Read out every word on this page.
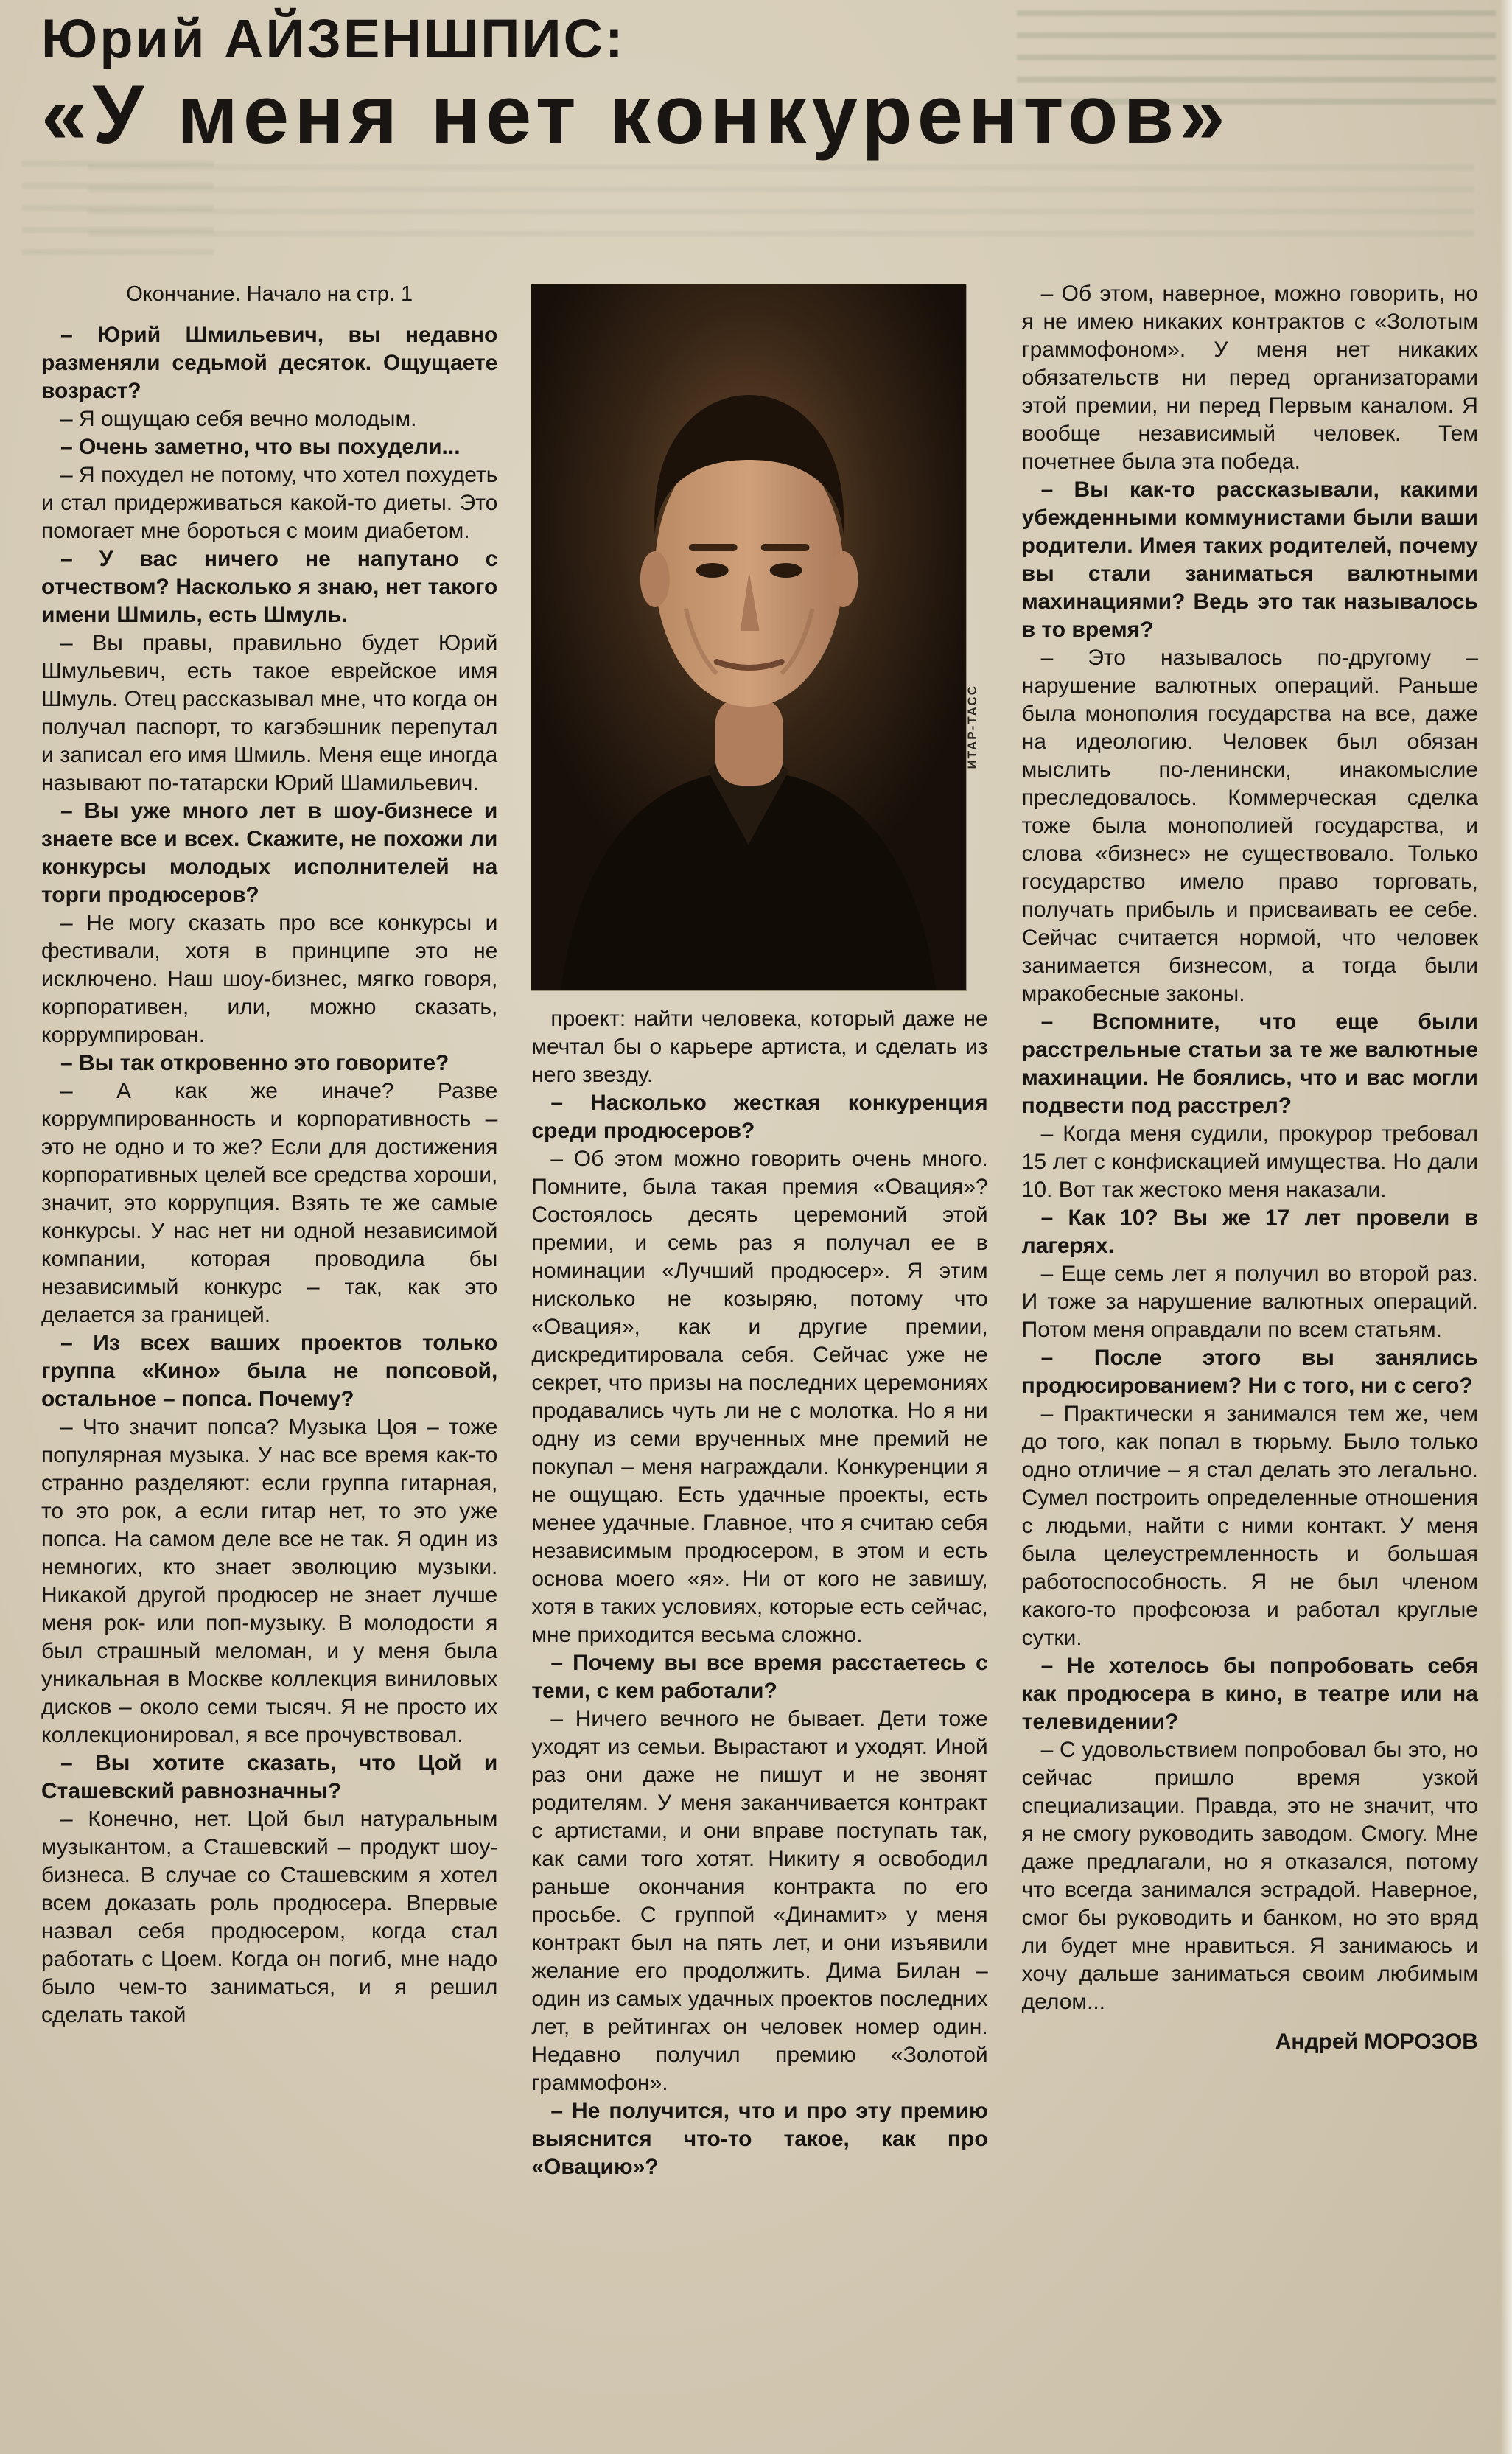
Юрий АЙЗЕНШПИС:
«У меня нет конкурентов»

Окончание. Начало на стр. 1

– Юрий Шмильевич, вы недавно разменяли седьмой десяток. Ощущаете возраст?

– Я ощущаю себя вечно молодым.

– Очень заметно, что вы похудели...

– Я похудел не потому, что хотел похудеть и стал придерживаться какой-то диеты. Это помогает мне бороться с моим диабетом.

– У вас ничего не напутано с отчеством? Насколько я знаю, нет такого имени Шмиль, есть Шмуль.

– Вы правы, правильно будет Юрий Шмульевич, есть такое еврейское имя Шмуль. Отец рассказывал мне, что когда он получал паспорт, то кагэбэшник перепутал и записал его имя Шмиль. Меня еще иногда называют по-татарски Юрий Шамильевич.

– Вы уже много лет в шоу-бизнесе и знаете все и всех. Скажите, не похожи ли конкурсы молодых исполнителей на торги продюсеров?

– Не могу сказать про все конкурсы и фестивали, хотя в принципе это не исключено. Наш шоу-бизнес, мягко говоря, корпоративен, или, можно сказать, коррумпирован.

– Вы так откровенно это говорите?

– А как же иначе? Разве коррумпированность и корпоративность – это не одно и то же? Если для достижения корпоративных целей все средства хороши, значит, это коррупция. Взять те же самые конкурсы. У нас нет ни одной независимой компании, которая проводила бы независимый конкурс – так, как это делается за границей.

– Из всех ваших проектов только группа «Кино» была не попсовой, остальное – попса. Почему?

– Что значит попса? Музыка Цоя – тоже популярная музыка. У нас все время как-то странно разделяют: если группа гитарная, то это рок, а если гитар нет, то это уже попса. На самом деле все не так. Я один из немногих, кто знает эволюцию музыки. Никакой другой продюсер не знает лучше меня рок- или поп-музыку. В молодости я был страшный меломан, и у меня была уникальная в Москве коллекция виниловых дисков – около семи тысяч. Я не просто их коллекционировал, я все прочувствовал.

– Вы хотите сказать, что Цой и Сташевский равнозначны?

– Конечно, нет. Цой был натуральным музыкантом, а Сташевский – продукт шоу-бизнеса. В случае со Сташевским я хотел всем доказать роль продюсера. Впервые назвал себя продюсером, когда стал работать с Цоем. Когда он погиб, мне надо было чем-то заниматься, и я решил сделать такой

ИТАР-ТАСС

проект: найти человека, который даже не мечтал бы о карьере артиста, и сделать из него звезду.

– Насколько жесткая конкуренция среди продюсеров?

– Об этом можно говорить очень много. Помните, была такая премия «Овация»? Состоялось десять церемоний этой премии, и семь раз я получал ее в номинации «Лучший продюсер». Я этим нисколько не козыряю, потому что «Овация», как и другие премии, дискредитировала себя. Сейчас уже не секрет, что призы на последних церемониях продавались чуть ли не с молотка. Но я ни одну из семи врученных мне премий не покупал – меня награждали. Конкуренции я не ощущаю. Есть удачные проекты, есть менее удачные. Главное, что я считаю себя независимым продюсером, в этом и есть основа моего «я». Ни от кого не завишу, хотя в таких условиях, которые есть сейчас, мне приходится весьма сложно.

– Почему вы все время расстаетесь с теми, с кем работали?

– Ничего вечного не бывает. Дети тоже уходят из семьи. Вырастают и уходят. Иной раз они даже не пишут и не звонят родителям. У меня заканчивается контракт с артистами, и они вправе поступать так, как сами того хотят. Никиту я освободил раньше окончания контракта по его просьбе. С группой «Динамит» у меня контракт был на пять лет, и они изъявили желание его продолжить. Дима Билан – один из самых удачных проектов последних лет, в рейтингах он человек номер один. Недавно получил премию «Золотой граммофон».

– Не получится, что и про эту премию выяснится что-то такое, как про «Овацию»?

– Об этом, наверное, можно говорить, но я не имею никаких контрактов с «Золотым граммофоном». У меня нет никаких обязательств ни перед организаторами этой премии, ни перед Первым каналом. Я вообще независимый человек. Тем почетнее была эта победа.

– Вы как-то рассказывали, какими убежденными коммунистами были ваши родители. Имея таких родителей, почему вы стали заниматься валютными махинациями? Ведь это так называлось в то время?

– Это называлось по-другому – нарушение валютных операций. Раньше была монополия государства на все, даже на идеологию. Человек был обязан мыслить по-ленински, инакомыслие преследовалось. Коммерческая сделка тоже была монополией государства, и слова «бизнес» не существовало. Только государство имело право торговать, получать прибыль и присваивать ее себе. Сейчас считается нормой, что человек занимается бизнесом, а тогда были мракобесные законы.

– Вспомните, что еще были расстрельные статьи за те же валютные махинации. Не боялись, что и вас могли подвести под расстрел?

– Когда меня судили, прокурор требовал 15 лет с конфискацией имущества. Но дали 10. Вот так жестоко меня наказали.

– Как 10? Вы же 17 лет провели в лагерях.

– Еще семь лет я получил во второй раз. И тоже за нарушение валютных операций. Потом меня оправдали по всем статьям.

– После этого вы занялись продюсированием? Ни с того, ни с сего?

– Практически я занимался тем же, чем до того, как попал в тюрьму. Было только одно отличие – я стал делать это легально. Сумел построить определенные отношения с людьми, найти с ними контакт. У меня была целеустремленность и большая работоспособность. Я не был членом какого-то профсоюза и работал круглые сутки.

– Не хотелось бы попробовать себя как продюсера в кино, в театре или на телевидении?

– С удовольствием попробовал бы это, но сейчас пришло время узкой специализации. Правда, это не значит, что я не смогу руководить заводом. Смогу. Мне даже предлагали, но я отказался, потому что всегда занимался эстрадой. Наверное, смог бы руководить и банком, но это вряд ли будет мне нравиться. Я занимаюсь и хочу дальше заниматься своим любимым делом...

Андрей МОРОЗОВ
